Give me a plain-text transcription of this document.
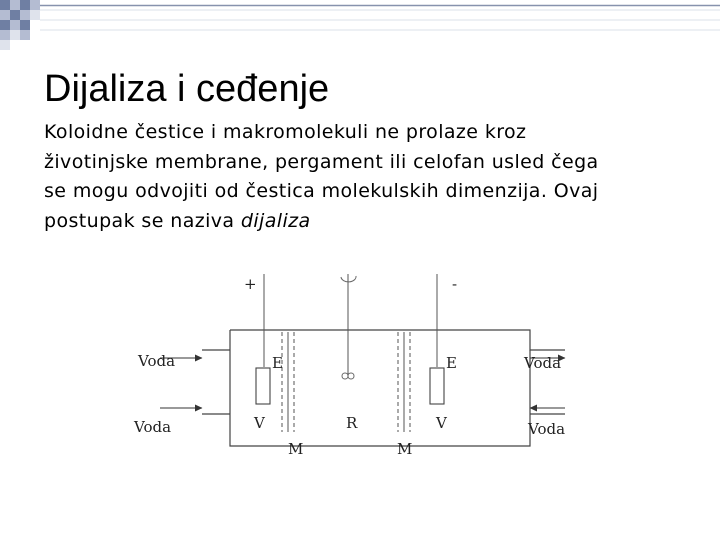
Dijaliza i ceđenje

Koloidne čestice i makromolekuli ne prolaze kroz
životinjske membrane, pergament ili celofan usled čega
se mogu odvojiti od čestica molekulskih dimenzija. Ovaj
postupak se naziva dijaliza

+	-
Voda
Voda
Voda
Voda
E	E
V	V
R
M	M
